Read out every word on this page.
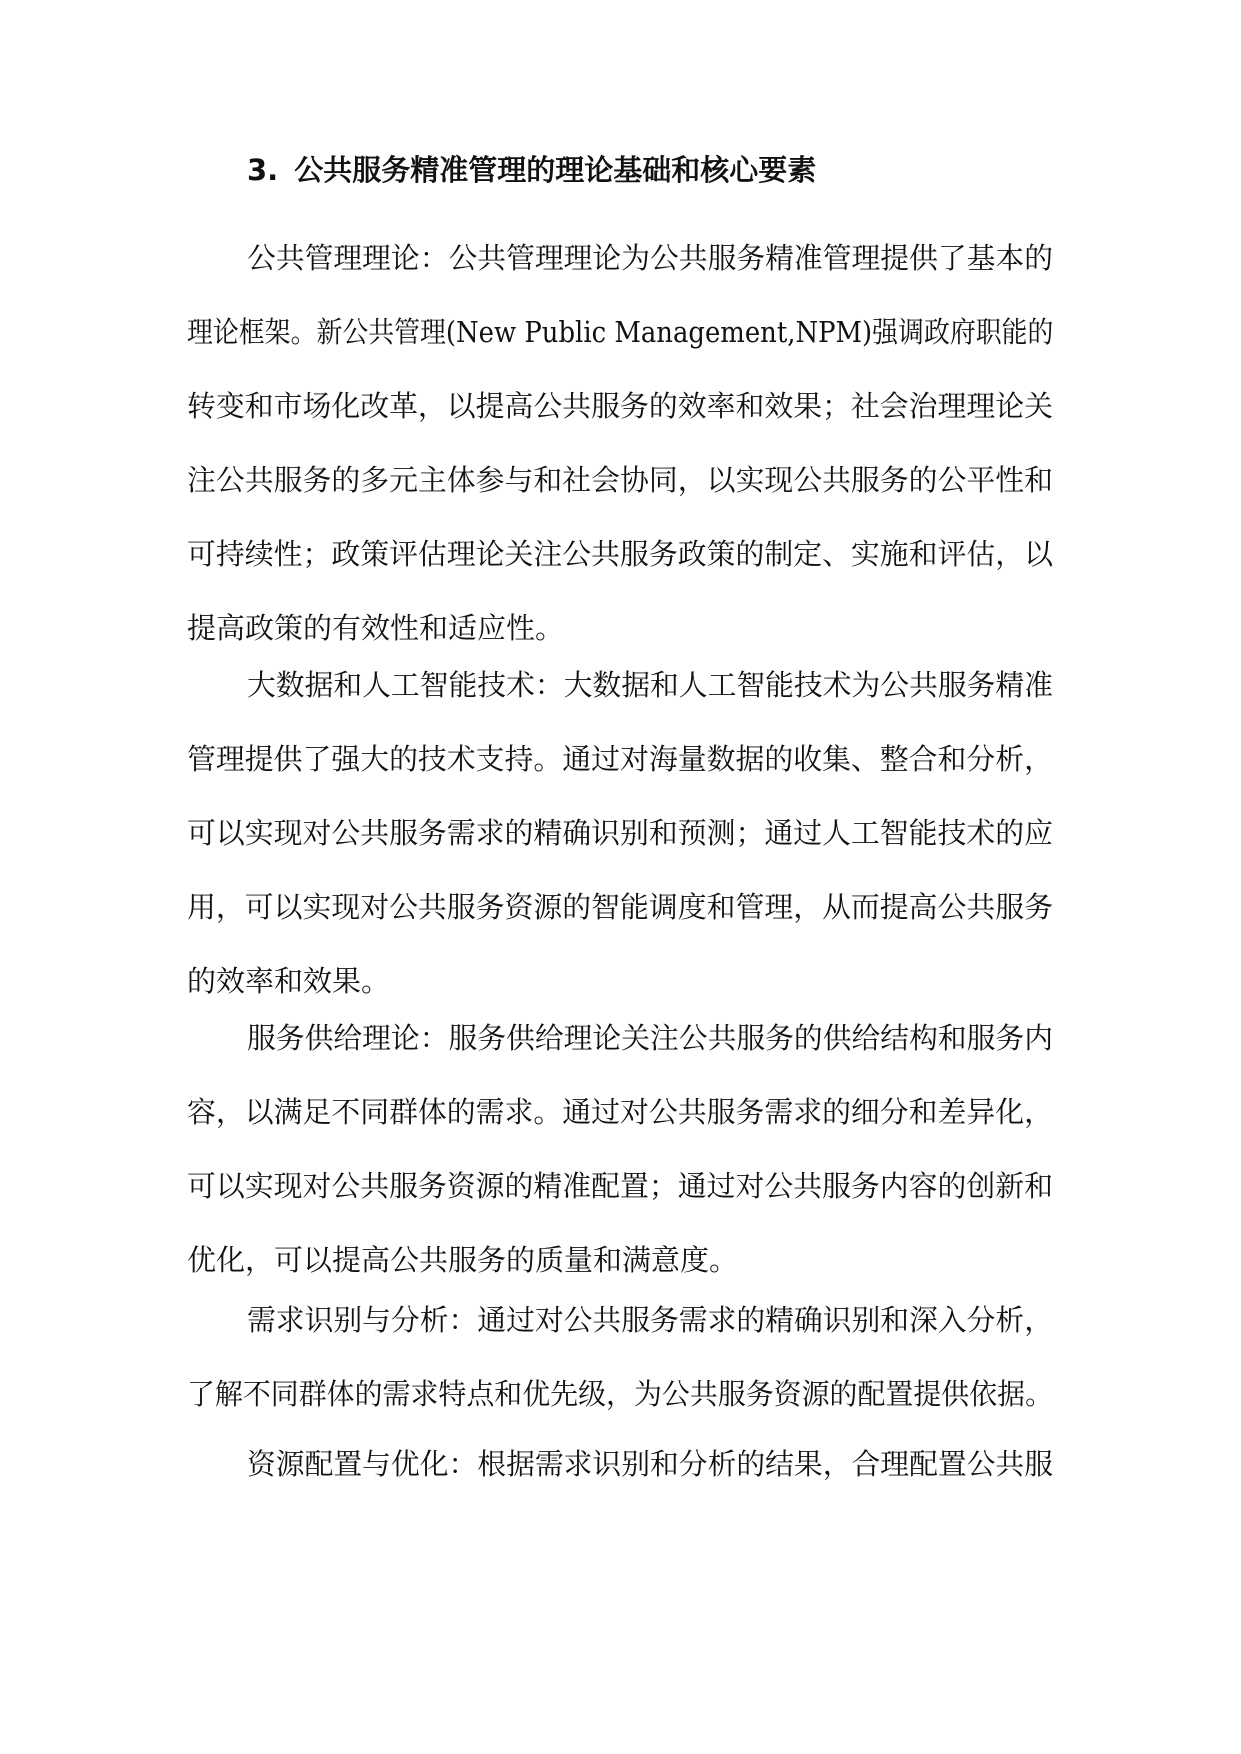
3. 公共服务精准管理的理论基础和核心要素
公共管理理论：公共管理理论为公共服务精准管理提供了基本的
理论框架。新公共管理(New Public Management,NPM)强调政府职能的
转变和市场化改革，以提高公共服务的效率和效果；社会治理理论关
注公共服务的多元主体参与和社会协同，以实现公共服务的公平性和
可持续性；政策评估理论关注公共服务政策的制定、实施和评估，以
提高政策的有效性和适应性。
大数据和人工智能技术：大数据和人工智能技术为公共服务精准
管理提供了强大的技术支持。通过对海量数据的收集、整合和分析，
可以实现对公共服务需求的精确识别和预测；通过人工智能技术的应
用，可以实现对公共服务资源的智能调度和管理，从而提高公共服务
的效率和效果。
服务供给理论：服务供给理论关注公共服务的供给结构和服务内
容，以满足不同群体的需求。通过对公共服务需求的细分和差异化，
可以实现对公共服务资源的精准配置；通过对公共服务内容的创新和
优化，可以提高公共服务的质量和满意度。
需求识别与分析：通过对公共服务需求的精确识别和深入分析，
了解不同群体的需求特点和优先级，为公共服务资源的配置提供依据。
资源配置与优化：根据需求识别和分析的结果，合理配置公共服
